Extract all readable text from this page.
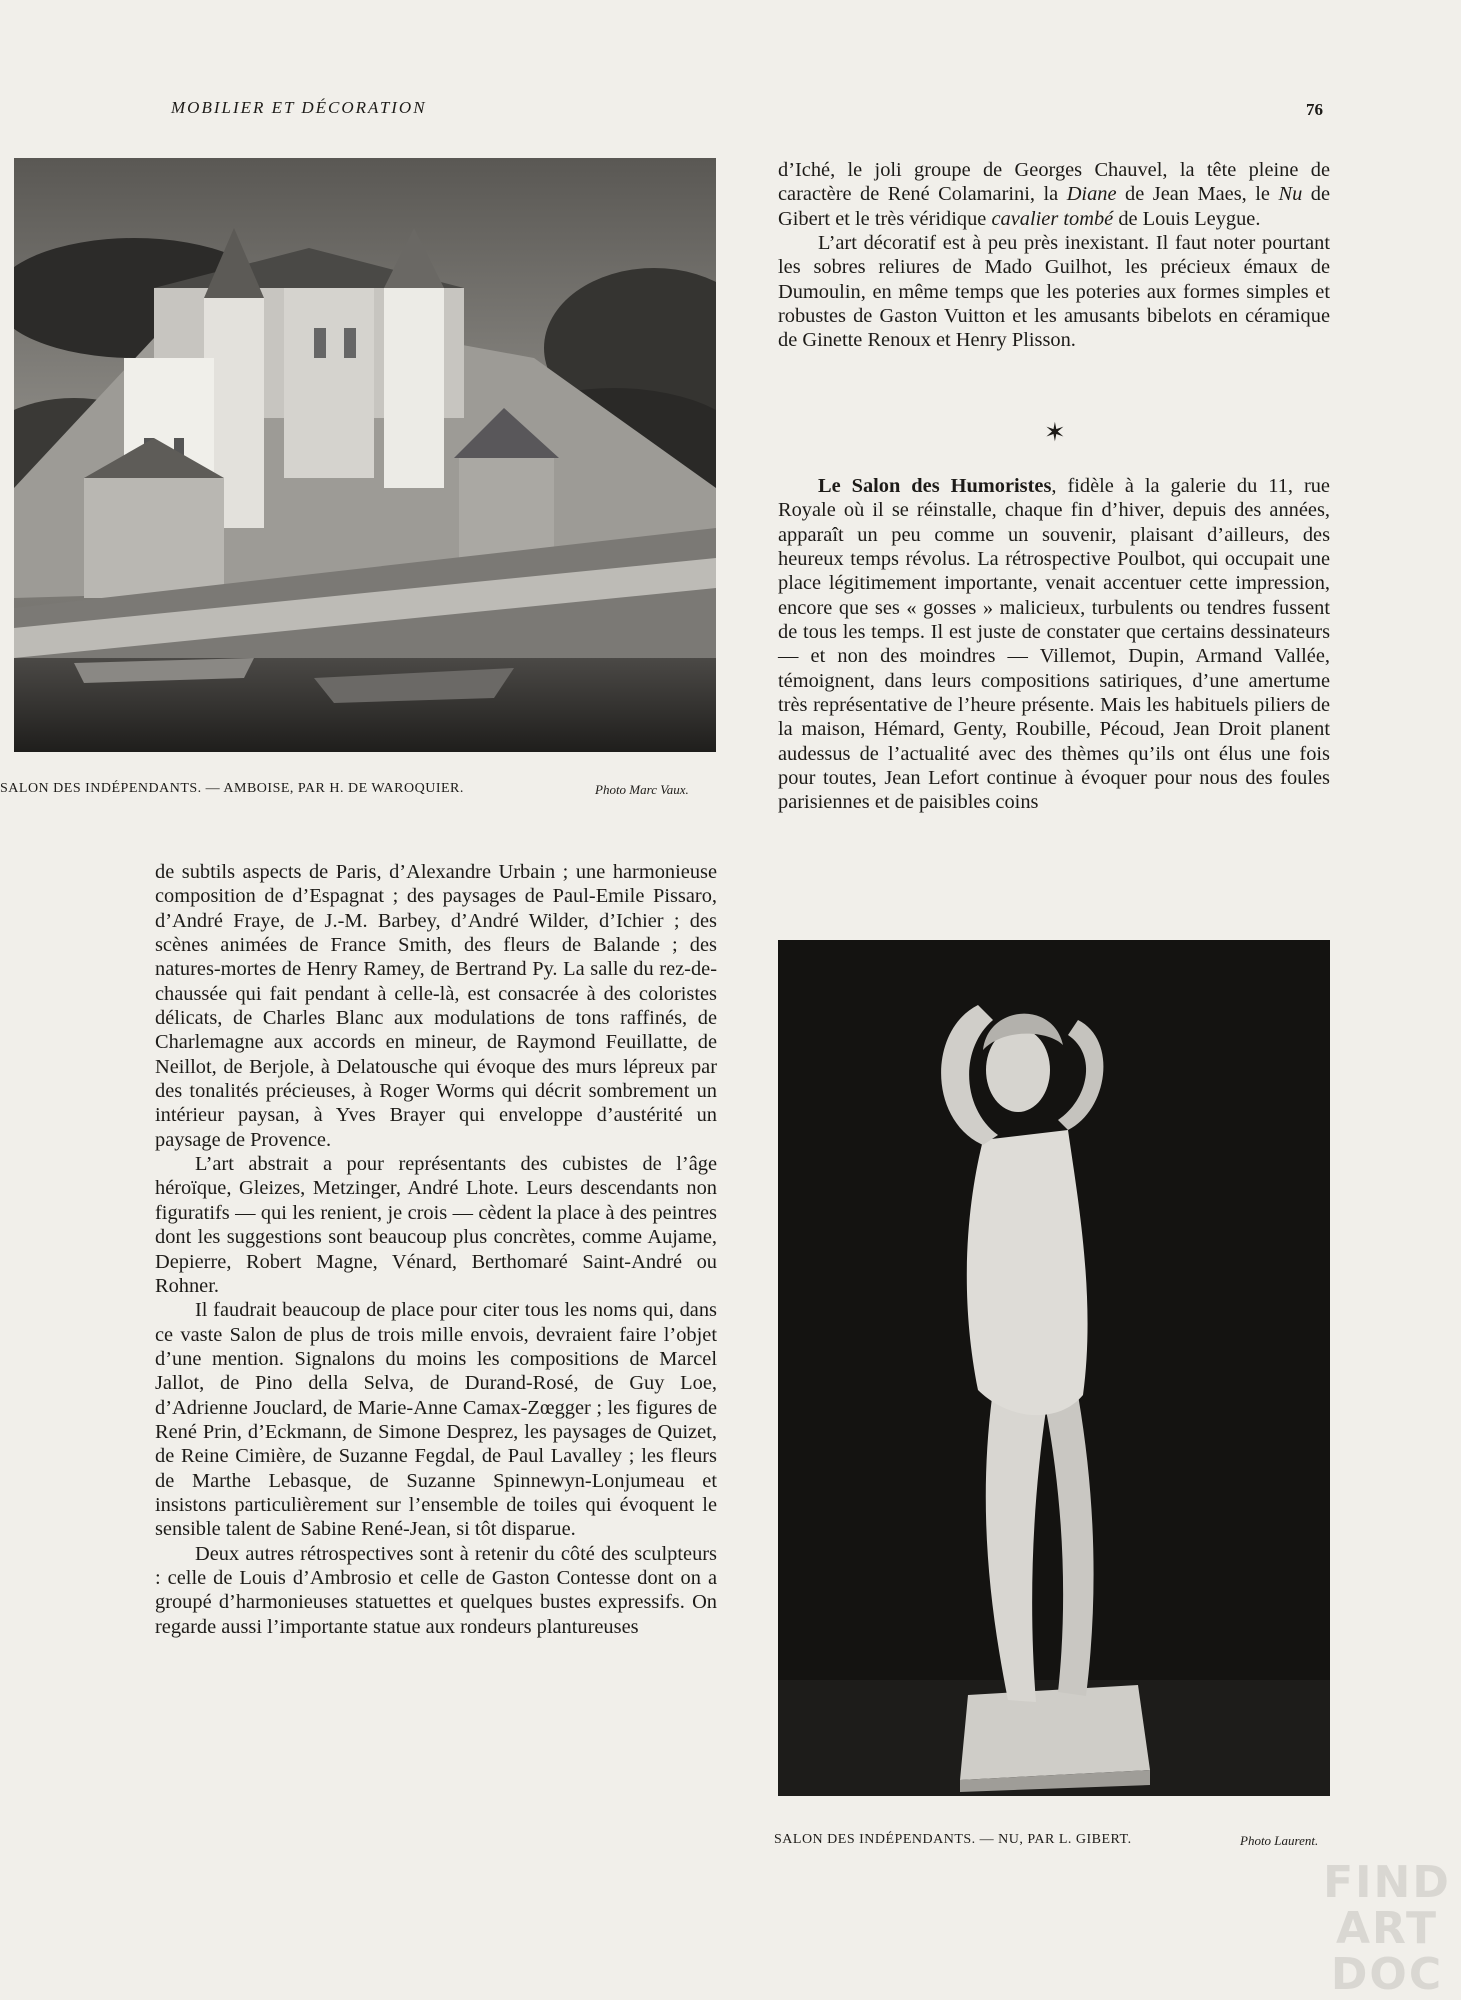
MOBILIER ET DÉCORATION	76
SALON DES INDÉPENDANTS. — AMBOISE, PAR H. DE WAROQUIER.	Photo Marc Vaux.

d’Iché, le joli groupe de Georges Chauvel, la tête pleine de caractère de René Colamarini, la Diane de Jean Maes, le Nu de Gibert et le très véridique cavalier tombé de Louis Leygue.

L’art décoratif est à peu près inexistant. Il faut noter pourtant les sobres reliures de Mado Guilhot, les précieux émaux de Dumoulin, en même temps que les poteries aux formes simples et robustes de Gaston Vuitton et les amusants bibelots en céramique de Ginette Renoux et Henry Plisson.

✶

Le Salon des Humoristes, fidèle à la galerie du 11, rue Royale où il se réinstalle, chaque fin d’hiver, depuis des années, apparaît un peu comme un souvenir, plaisant d’ailleurs, des heureux temps révolus. La rétrospective Poulbot, qui occupait une place légitimement importante, venait accentuer cette impression, encore que ses « gosses » malicieux, turbulents ou tendres fussent de tous les temps. Il est juste de constater que certains dessinateurs — et non des moindres — Villemot, Dupin, Armand Vallée, témoignent, dans leurs compositions satiriques, d’une amertume très représentative de l’heure présente. Mais les habituels piliers de la maison, Hémard, Genty, Roubille, Pécoud, Jean Droit planent audessus de l’actualité avec des thèmes qu’ils ont élus une fois pour toutes, Jean Lefort continue à évoquer pour nous des foules parisiennes et de paisibles coins

de subtils aspects de Paris, d’Alexandre Urbain ; une harmonieuse composition de d’Espagnat ; des paysages de Paul-Emile Pissaro, d’André Fraye, de J.-M. Barbey, d’André Wilder, d’Ichier ; des scènes animées de France Smith, des fleurs de Balande ; des natures-mortes de Henry Ramey, de Bertrand Py. La salle du rez-de-chaussée qui fait pendant à celle-là, est consacrée à des coloristes délicats, de Charles Blanc aux modulations de tons raffinés, de Charlemagne aux accords en mineur, de Raymond Feuillatte, de Neillot, de Berjole, à Delatousche qui évoque des murs lépreux par des tonalités précieuses, à Roger Worms qui décrit sombrement un intérieur paysan, à Yves Brayer qui enveloppe d’austérité un paysage de Provence.

L’art abstrait a pour représentants des cubistes de l’âge héroïque, Gleizes, Metzinger, André Lhote. Leurs descendants non figuratifs — qui les renient, je crois — cèdent la place à des peintres dont les suggestions sont beaucoup plus concrètes, comme Aujame, Depierre, Robert Magne, Vénard, Berthomaré Saint-André ou Rohner.

Il faudrait beaucoup de place pour citer tous les noms qui, dans ce vaste Salon de plus de trois mille envois, devraient faire l’objet d’une mention. Signalons du moins les compositions de Marcel Jallot, de Pino della Selva, de Durand-Rosé, de Guy Loe, d’Adrienne Jouclard, de Marie-Anne Camax-Zœgger ; les figures de René Prin, d’Eckmann, de Simone Desprez, les paysages de Quizet, de Reine Cimière, de Suzanne Fegdal, de Paul Lavalley ; les fleurs de Marthe Lebasque, de Suzanne Spinnewyn-Lonjumeau et insistons particulièrement sur l’ensemble de toiles qui évoquent le sensible talent de Sabine René-Jean, si tôt disparue.

Deux autres rétrospectives sont à retenir du côté des sculpteurs : celle de Louis d’Ambrosio et celle de Gaston Contesse dont on a groupé d’harmonieuses statuettes et quelques bustes expressifs. On regarde aussi l’importante statue aux rondeurs plantureuses

SALON DES INDÉPENDANTS. — NU, PAR L. GIBERT.	Photo Laurent.
FIND
ART
DOC
